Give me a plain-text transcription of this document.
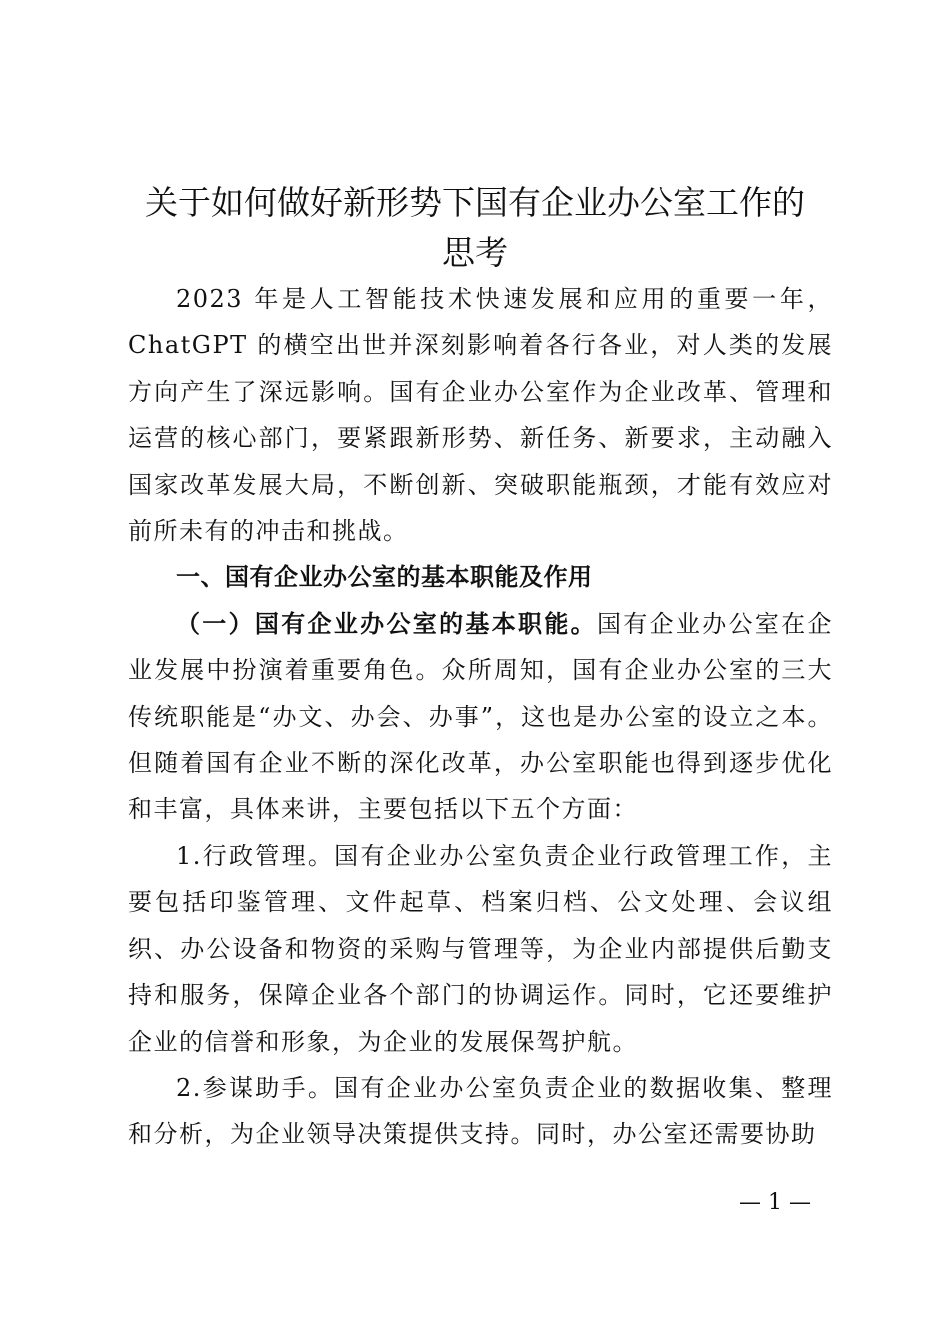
关于如何做好新形势下国有企业办公室工作的
思考

2023 年是人工智能技术快速发展和应用的重要一年，ChatGPT 的横空出世并深刻影响着各行各业，对人类的发展方向产生了深远影响。国有企业办公室作为企业改革、管理和运营的核心部门，要紧跟新形势、新任务、新要求，主动融入国家改革发展大局，不断创新、突破职能瓶颈，才能有效应对前所未有的冲击和挑战。

一、国有企业办公室的基本职能及作用

（一）国有企业办公室的基本职能。国有企业办公室在企业发展中扮演着重要角色。众所周知，国有企业办公室的三大传统职能是“办文、办会、办事”，这也是办公室的设立之本。但随着国有企业不断的深化改革，办公室职能也得到逐步优化和丰富，具体来讲，主要包括以下五个方面：

1.行政管理。国有企业办公室负责企业行政管理工作，主要包括印鉴管理、文件起草、档案归档、公文处理、会议组织、办公设备和物资的采购与管理等，为企业内部提供后勤支持和服务，保障企业各个部门的协调运作。同时，它还要维护企业的信誉和形象，为企业的发展保驾护航。

2.参谋助手。国有企业办公室负责企业的数据收集、整理和分析，为企业领导决策提供支持。同时，办公室还需要协助

— 1 —
